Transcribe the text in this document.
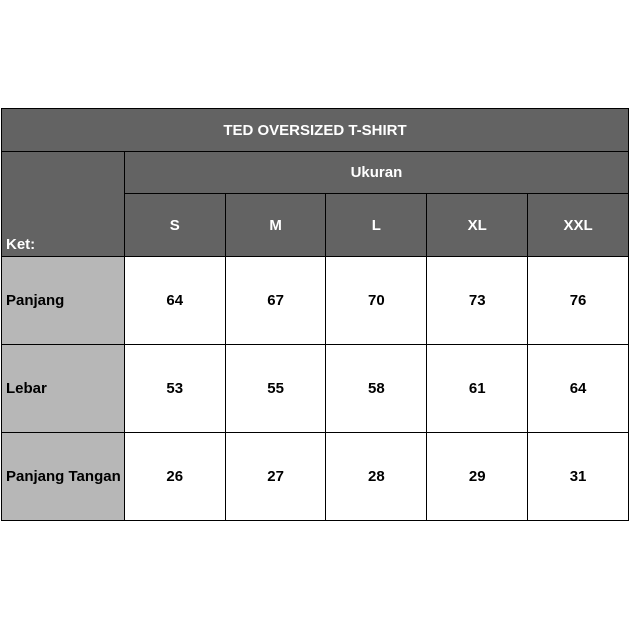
TED OVERSIZED T-SHIRT					
Ket:	Ukuran				
	S	M	L	XL	XXL
Panjang	64	67	70	73	76
Lebar	53	55	58	61	64
Panjang Tangan	26	27	28	29	31
